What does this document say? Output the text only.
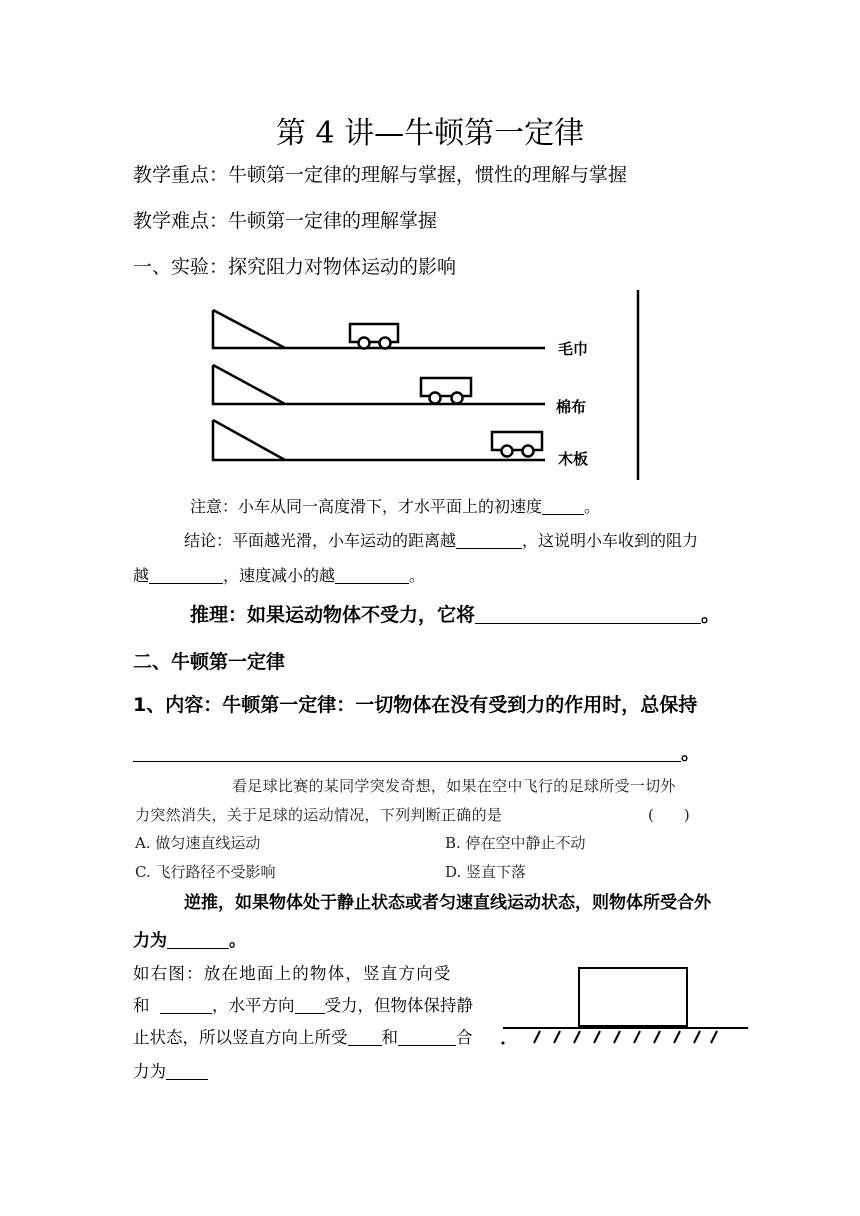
第 4 讲—牛顿第一定律
教学重点：牛顿第一定律的理解与掌握，惯性的理解与掌握
教学难点：牛顿第一定律的理解掌握
一、实验：探究阻力对物体运动的影响
毛巾
棉布
木板
注意：小车从同一高度滑下，才水平面上的初速度	。
结论：平面越光滑，小车运动的距离越	，这说明小车收到的阻力
越	，速度减小的越	。
推理：如果运动物体不受力，它将	。
二、牛顿第一定律
1、内容：牛顿第一定律：一切物体在没有受到力的作用时，总保持
。
看足球比赛的某同学突发奇想，如果在空中飞行的足球所受一切外
力突然消失，关于足球的运动情况，下列判断正确的是	(　　)
A. 做匀速直线运动	B. 停在空中静止不动
C. 飞行路径不受影响	D. 竖直下落
逆推，如果物体处于静止状态或者匀速直线运动状态，则物体所受合外
力为	。
如右图：放在地面上的物体，竖直方向受
和	，水平方向 受力，但物体保持静
止状态，所以竖直方向上所受 和	合
力为
